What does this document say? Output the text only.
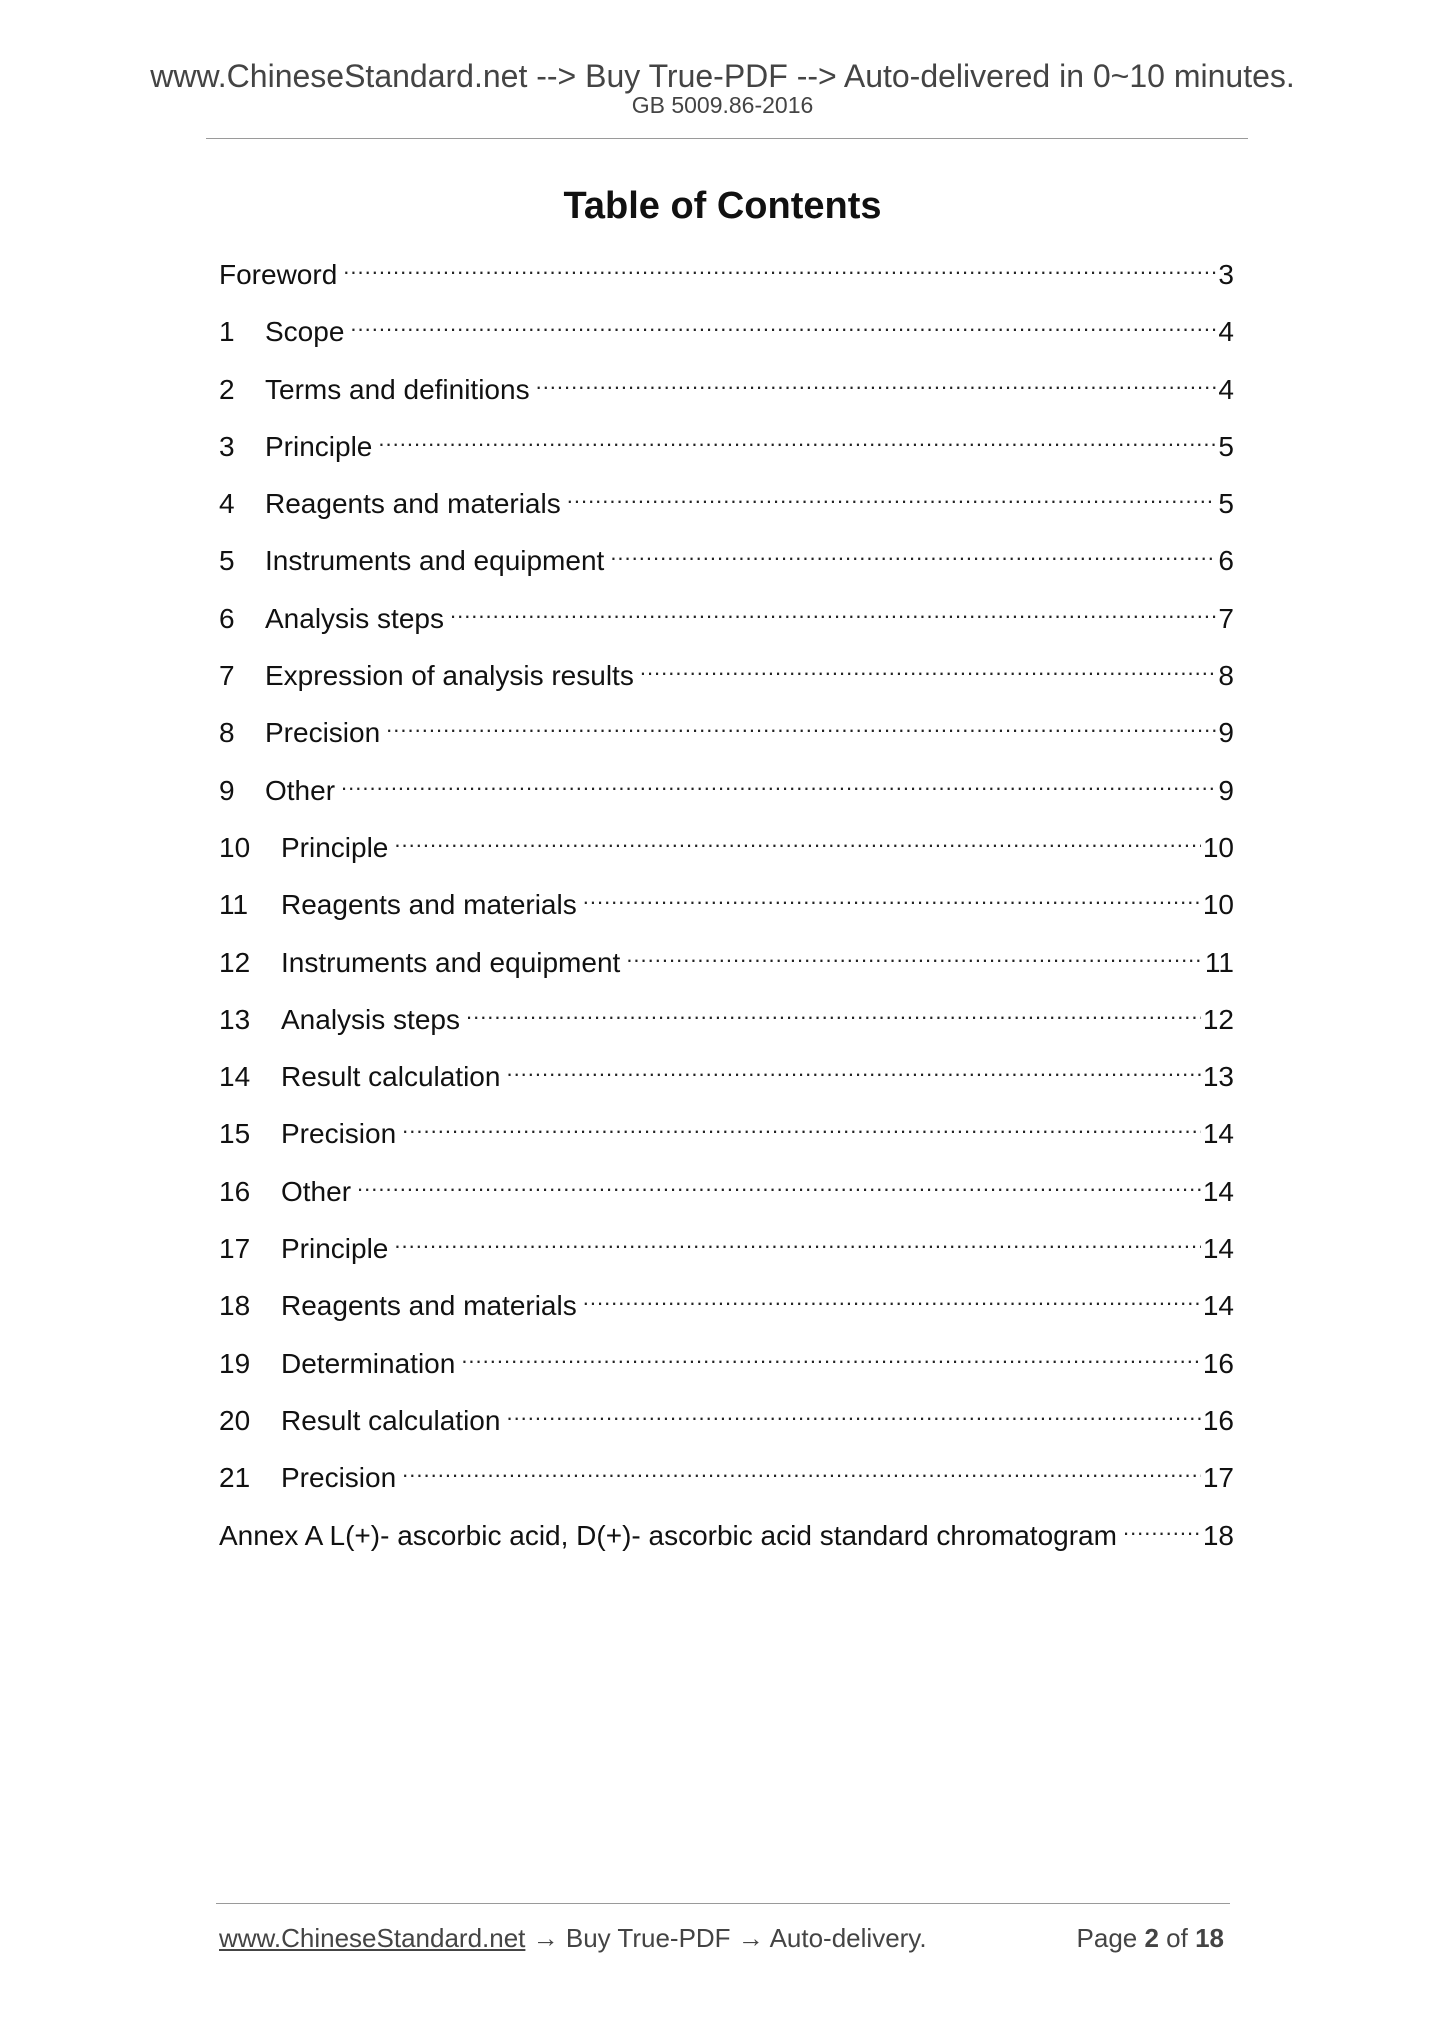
www.ChineseStandard.net --> Buy True-PDF --> Auto-delivered in 0~10 minutes.
GB 5009.86-2016
Table of Contents
Foreword .....	3
1	Scope .....	4
2	Terms and definitions .....	4
3	Principle .....	5
4	Reagents and materials .....	5
5	Instruments and equipment .....	6
6	Analysis steps .....	7
7	Expression of analysis results .....	8
8	Precision .....	9
9	Other .....	9
10	Principle .....	10
11	Reagents and materials .....	10
12	Instruments and equipment .....	11
13	Analysis steps .....	12
14	Result calculation .....	13
15	Precision .....	14
16	Other .....	14
17	Principle .....	14
18	Reagents and materials .....	14
19	Determination .....	16
20	Result calculation .....	16
21	Precision .....	17
Annex A L(+)- ascorbic acid, D(+)- ascorbic acid standard chromatogram .....	18
www.ChineseStandard.net → Buy True-PDF → Auto-delivery.	Page 2 of 18
